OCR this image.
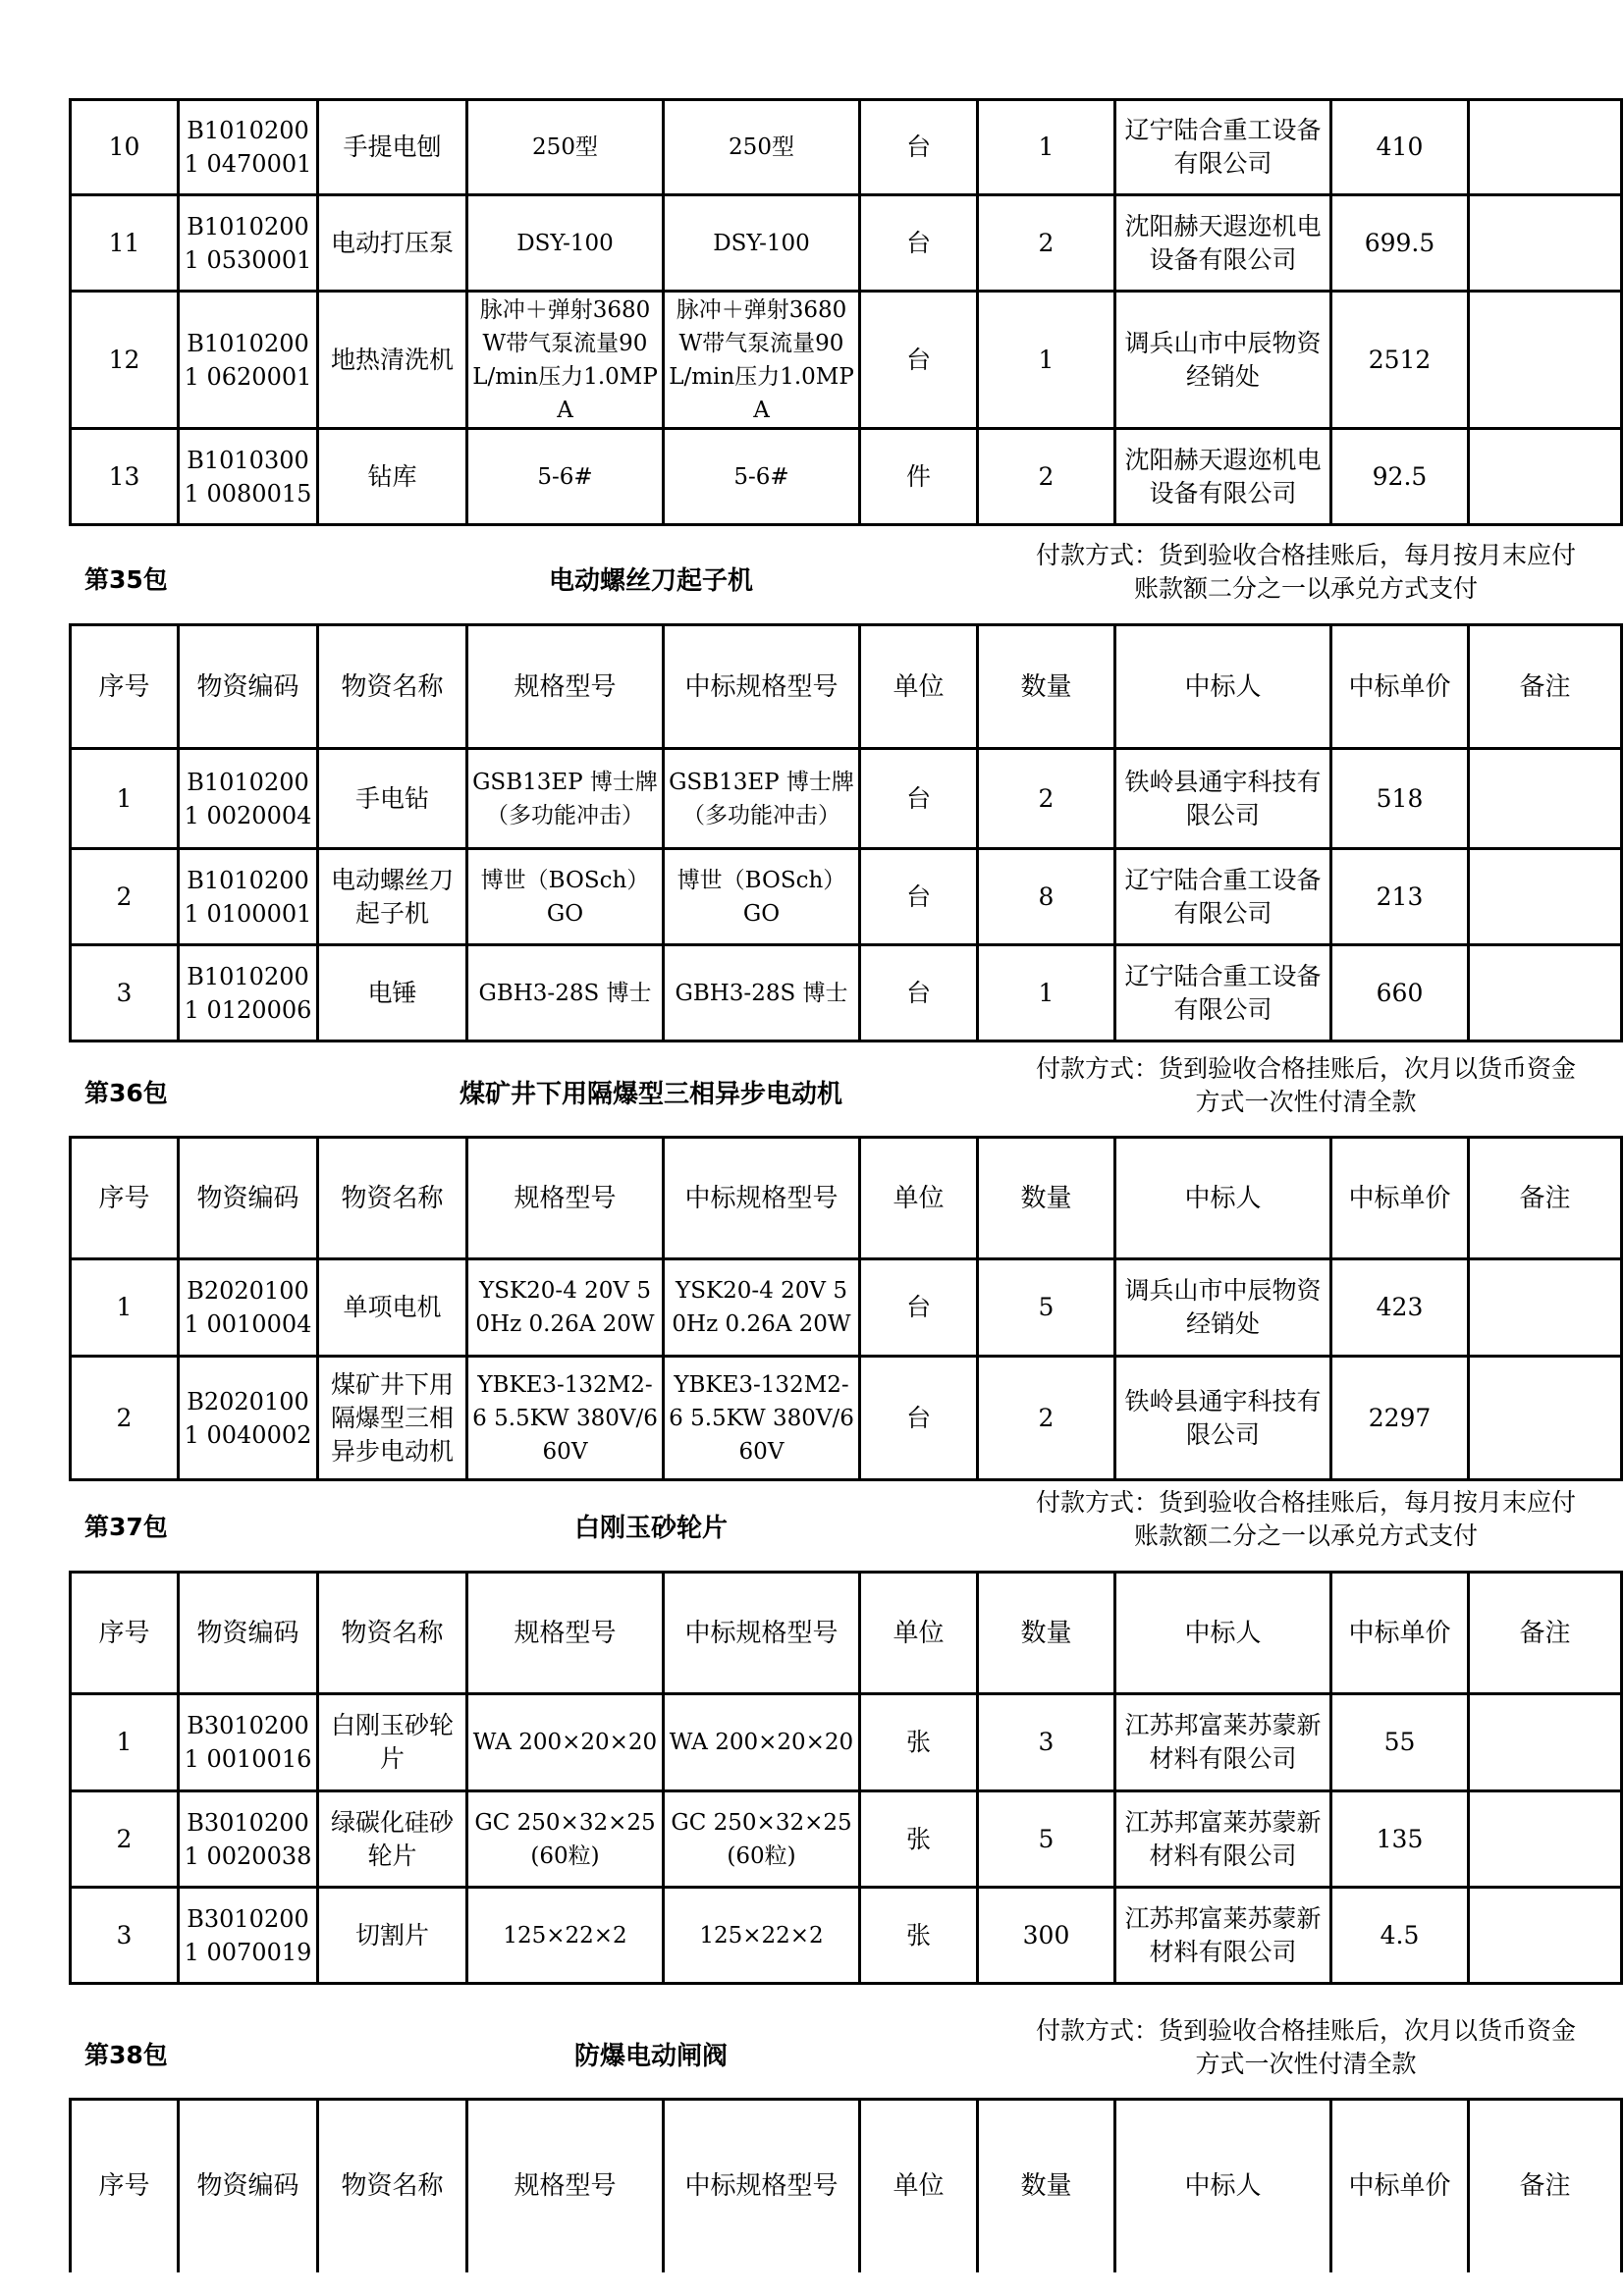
10	B10102001 0470001	手提电刨	250型	250型	台	1	辽宁陆合重工设备有限公司	410	
11	B10102001 0530001	电动打压泵	DSY-100	DSY-100	台	2	沈阳赫天遐迩机电设备有限公司	699.5	
12	B10102001 0620001	地热清洗机	脉冲＋弹射3680W带气泵流量90L/min压力1.0MPA	脉冲＋弹射3680W带气泵流量90L/min压力1.0MPA	台	1	调兵山市中辰物资经销处	2512	
13	B10103001 0080015	钻库	5-6#	5-6#	件	2	沈阳赫天遐迩机电设备有限公司	92.5	
第35包	电动螺丝刀起子机
付款方式：货到验收合格挂账后，每月按月末应付
账款额二分之一以承兑方式支付
序号	物资编码	物资名称	规格型号	中标规格型号	单位	数量	中标人	中标单价	备注
1	B10102001 0020004	手电钻	GSB13EP 博士牌（多功能冲击）	GSB13EP 博士牌（多功能冲击）	台	2	铁岭县通宇科技有限公司	518	
2	B10102001 0100001	电动螺丝刀起子机	博世（BOSch）GO	博世（BOSch）GO	台	8	辽宁陆合重工设备有限公司	213	
3	B10102001 0120006	电锤	GBH3-28S 博士	GBH3-28S 博士	台	1	辽宁陆合重工设备有限公司	660	
第36包	煤矿井下用隔爆型三相异步电动机
付款方式：货到验收合格挂账后，次月以货币资金
方式一次性付清全款
序号	物资编码	物资名称	规格型号	中标规格型号	单位	数量	中标人	中标单价	备注
1	B20201001 0010004	单项电机	YSK20-4 20V 50Hz 0.26A 20W	YSK20-4 20V 50Hz 0.26A 20W	台	5	调兵山市中辰物资经销处	423	
2	B20201001 0040002	煤矿井下用隔爆型三相异步电动机	YBKE3-132M2-6 5.5KW 380V/660V	YBKE3-132M2-6 5.5KW 380V/660V	台	2	铁岭县通宇科技有限公司	2297	
第37包	白刚玉砂轮片
付款方式：货到验收合格挂账后，每月按月末应付
账款额二分之一以承兑方式支付
序号	物资编码	物资名称	规格型号	中标规格型号	单位	数量	中标人	中标单价	备注
1	B30102001 0010016	白刚玉砂轮片	WA 200×20×20	WA 200×20×20	张	3	江苏邦富莱苏蒙新材料有限公司	55	
2	B30102001 0020038	绿碳化硅砂轮片	GC 250×32×25(60粒)	GC 250×32×25(60粒)	张	5	江苏邦富莱苏蒙新材料有限公司	135	
3	B30102001 0070019	切割片	125×22×2	125×22×2	张	300	江苏邦富莱苏蒙新材料有限公司	4.5	
第38包	防爆电动闸阀
付款方式：货到验收合格挂账后，次月以货币资金
方式一次性付清全款
序号	物资编码	物资名称	规格型号	中标规格型号	单位	数量	中标人	中标单价	备注
